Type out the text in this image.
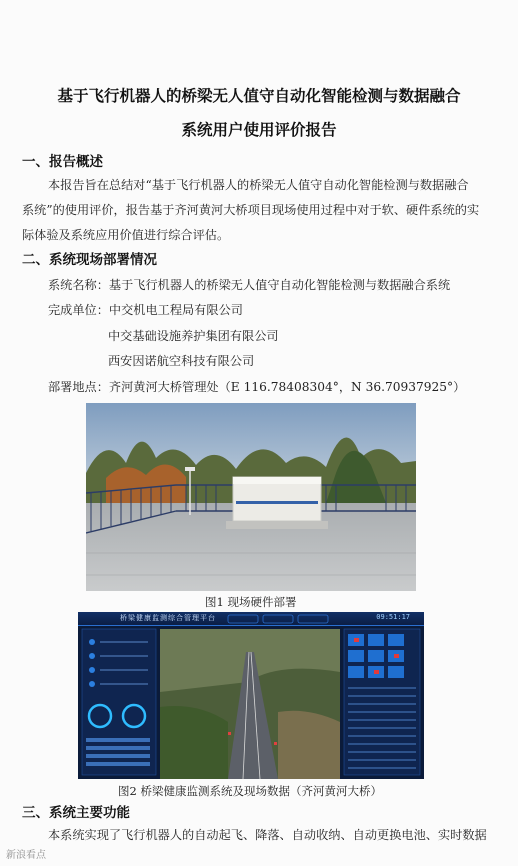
基于飞行机器人的桥梁无人值守自动化智能检测与数据融合
系统用户使用评价报告
一、报告概述
本报告旨在总结对“基于飞行机器人的桥梁无人值守自动化智能检测与数据融合
系统”的使用评价，报告基于齐河黄河大桥项目现场使用过程中对于软、硬件系统的实
际体验及系统应用价值进行综合评估。
二、系统现场部署情况
系统名称：基于飞行机器人的桥梁无人值守自动化智能检测与数据融合系统
完成单位：中交机电工程局有限公司
中交基础设施养护集团有限公司
西安因诺航空科技有限公司
部署地点：齐河黄河大桥管理处（E 116.78408304°，N 36.70937925°）
图1 现场硬件部署
桥梁健康监测综合管理平台	09:51:17
图2 桥梁健康监测系统及现场数据（齐河黄河大桥）
三、系统主要功能
本系统实现了飞行机器人的自动起飞、降落、自动收纳、自动更换电池、实时数据
新浪看点
